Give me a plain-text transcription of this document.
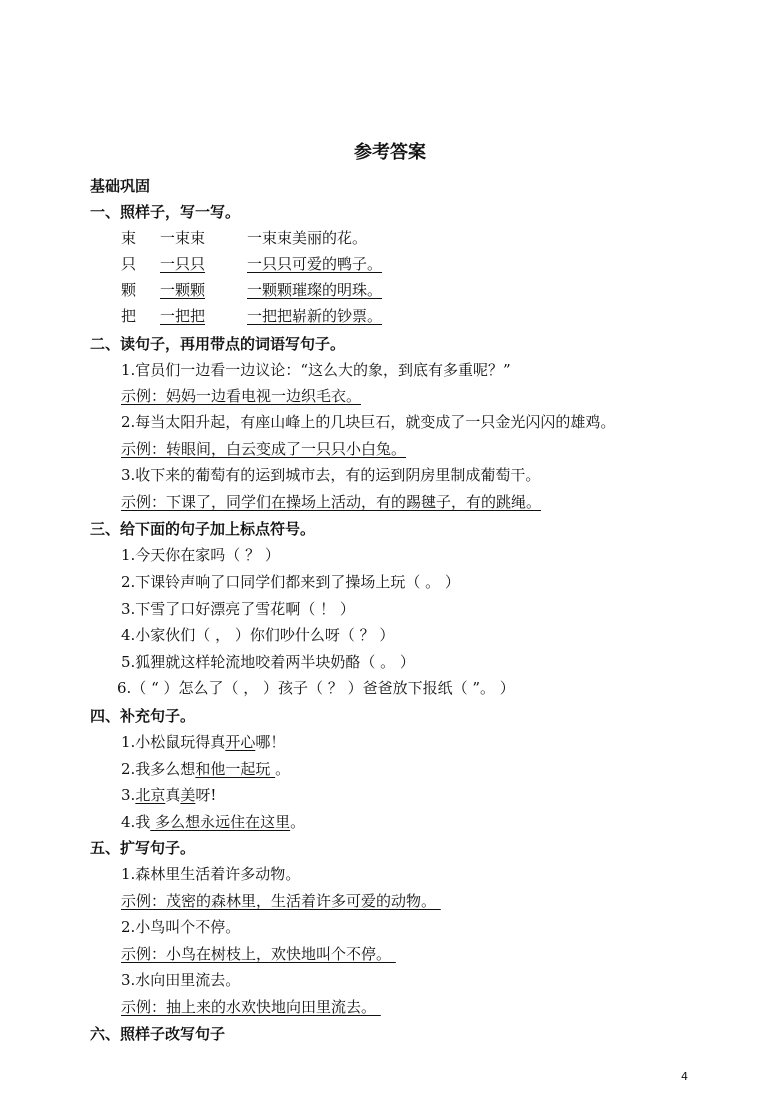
参考答案
基础巩固
一、照样子，写一写。
束 一束束	一束束美丽的花。
只 一只只	一只只可爱的鸭子。
颗 一颗颗	一颗颗璀璨的明珠。
把 一把把	一把把崭新的钞票。
二、读句子，再用带点的词语写句子。
1.官员们一边看一边议论：“这么大的象，到底有多重呢？”
示例：妈妈一边看电视一边织毛衣。
2.每当太阳升起，有座山峰上的几块巨石，就变成了一只金光闪闪的雄鸡。
示例：转眼间，白云变成了一只只小白兔。
3.收下来的葡萄有的运到城市去，有的运到阴房里制成葡萄干。
示例：下课了，同学们在操场上活动，有的踢毽子，有的跳绳。
三、给下面的句子加上标点符号。
1.今天你在家吗（ ？ ）
2.下课铃声响了口同学们都来到了操场上玩（ 。 ）
3.下雪了口好漂亮了雪花啊（ ！ ）
4.小家伙们（ ， ）你们吵什么呀（ ？ ）
5.狐狸就这样轮流地咬着两半块奶酪（ 。 ）
6.（ “ ）怎么了（ ， ）孩子（ ？ ）爸爸放下报纸（ ”。 ）
四、补充句子。
1.小松鼠玩得真开心哪！
2.我多么想和他一起玩 。
3.北京真美呀!
4.我 多么想永远住在这里。
五、扩写句子。
1.森林里生活着许多动物。
示例：茂密的森林里，生活着许多可爱的动物。
2.小鸟叫个不停。
示例：小鸟在树枝上，欢快地叫个不停。
3.水向田里流去。
示例：抽上来的水欢快地向田里流去。
六、照样子改写句子
4
